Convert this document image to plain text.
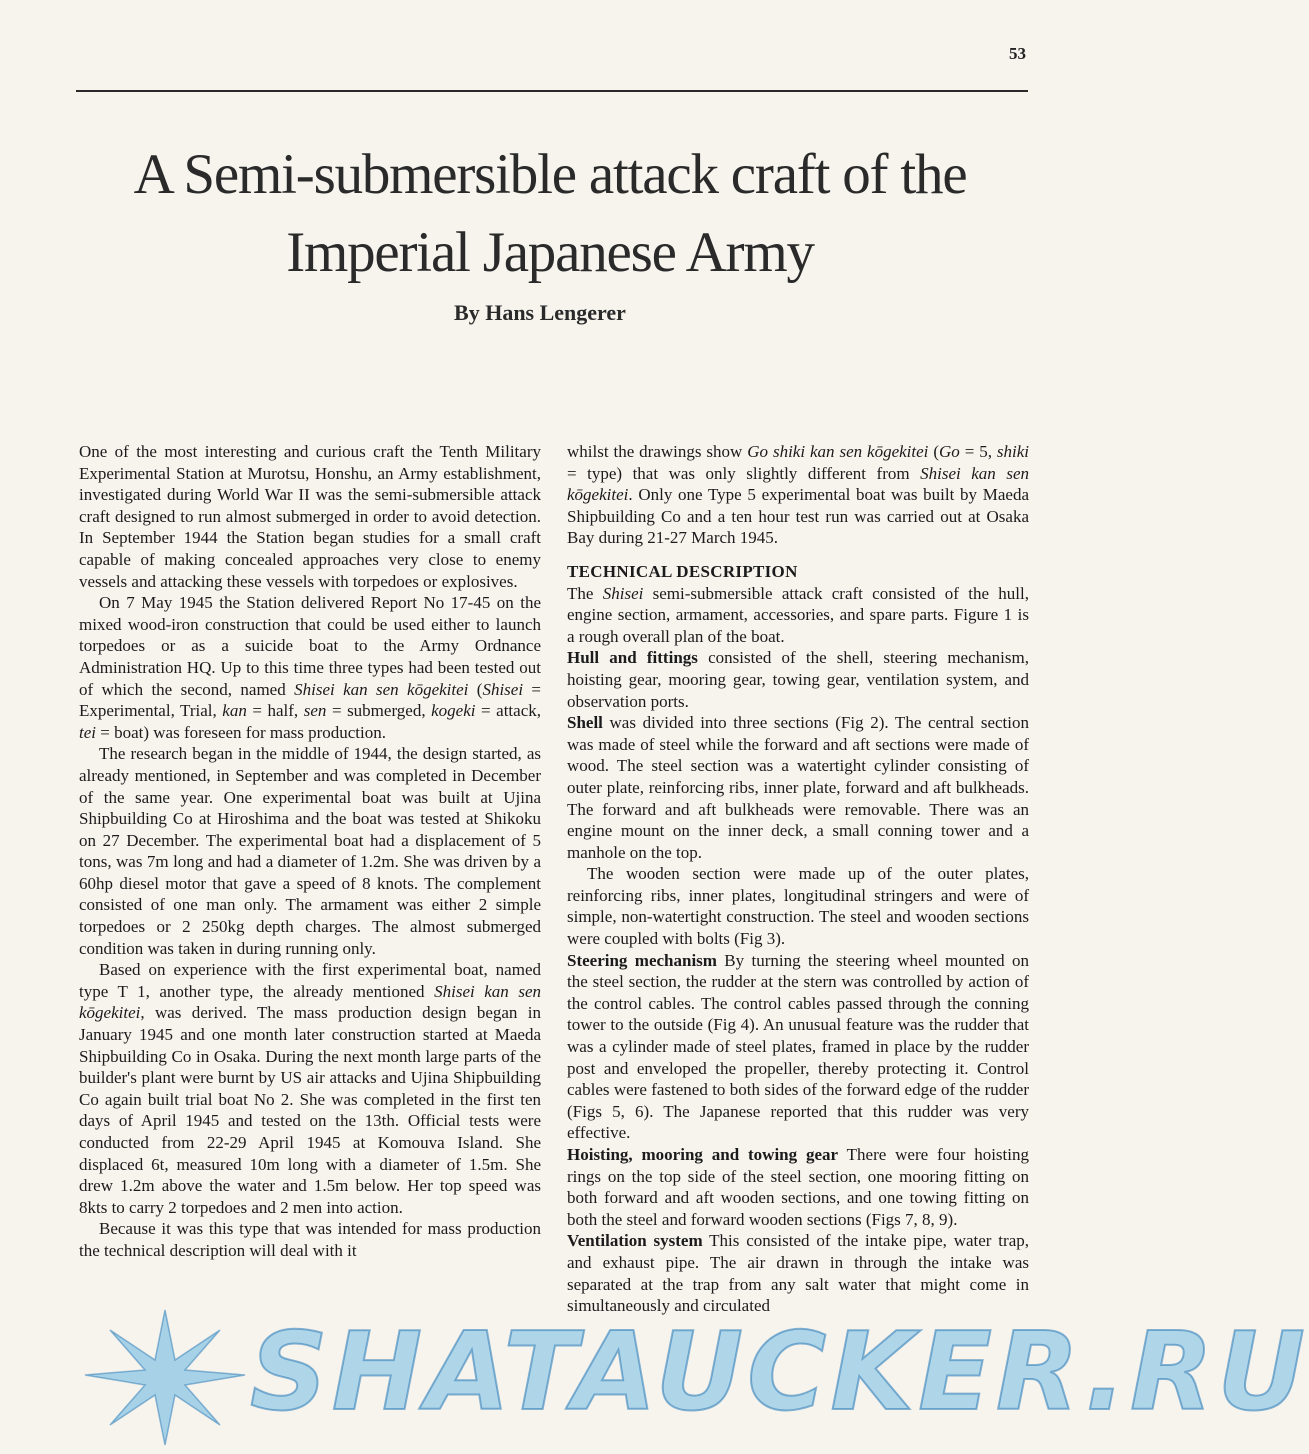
53
A Semi-submersible attack craft of the Imperial Japanese Army
By Hans Lengerer

One of the most interesting and curious craft the Tenth Military Experimental Station at Murotsu, Honshu, an Army establishment, investigated during World War II was the semi-submersible attack craft designed to run almost submerged in order to avoid detection. In September 1944 the Station began studies for a small craft capable of making concealed approaches very close to enemy vessels and attacking these vessels with torpedoes or explosives.

On 7 May 1945 the Station delivered Report No 17-45 on the mixed wood-iron construction that could be used either to launch torpedoes or as a suicide boat to the Army Ordnance Administration HQ. Up to this time three types had been tested out of which the second, named Shisei kan sen kōgekitei (Shisei = Experimental, Trial, kan = half, sen = submerged, kogeki = attack, tei = boat) was foreseen for mass production.

The research began in the middle of 1944, the design started, as already mentioned, in September and was completed in December of the same year. One experimental boat was built at Ujina Shipbuilding Co at Hiroshima and the boat was tested at Shikoku on 27 December. The experimental boat had a displacement of 5 tons, was 7m long and had a diameter of 1.2m. She was driven by a 60hp diesel motor that gave a speed of 8 knots. The complement consisted of one man only. The armament was either 2 simple torpedoes or 2 250kg depth charges. The almost submerged condition was taken in during running only.

Based on experience with the first experimental boat, named type T 1, another type, the already mentioned Shisei kan sen kōgekitei, was derived. The mass production design began in January 1945 and one month later construction started at Maeda Shipbuilding Co in Osaka. During the next month large parts of the builder's plant were burnt by US air attacks and Ujina Shipbuilding Co again built trial boat No 2. She was completed in the first ten days of April 1945 and tested on the 13th. Official tests were conducted from 22-29 April 1945 at Komouva Island. She displaced 6t, measured 10m long with a diameter of 1.5m. She drew 1.2m above the water and 1.5m below. Her top speed was 8kts to carry 2 torpedoes and 2 men into action.

Because it was this type that was intended for mass production the technical description will deal with it

whilst the drawings show Go shiki kan sen kōgekitei (Go = 5, shiki = type) that was only slightly different from Shisei kan sen kōgekitei. Only one Type 5 experimental boat was built by Maeda Shipbuilding Co and a ten hour test run was carried out at Osaka Bay during 21-27 March 1945.

TECHNICAL DESCRIPTION

The Shisei semi-submersible attack craft consisted of the hull, engine section, armament, accessories, and spare parts. Figure 1 is a rough overall plan of the boat.

Hull and fittings consisted of the shell, steering mechanism, hoisting gear, mooring gear, towing gear, ventilation system, and observation ports.

Shell was divided into three sections (Fig 2). The central section was made of steel while the forward and aft sections were made of wood. The steel section was a watertight cylinder consisting of outer plate, reinforcing ribs, inner plate, forward and aft bulkheads. The forward and aft bulkheads were removable. There was an engine mount on the inner deck, a small conning tower and a manhole on the top.

The wooden section were made up of the outer plates, reinforcing ribs, inner plates, longitudinal stringers and were of simple, non-watertight construction. The steel and wooden sections were coupled with bolts (Fig 3).

Steering mechanism By turning the steering wheel mounted on the steel section, the rudder at the stern was controlled by action of the control cables. The control cables passed through the conning tower to the outside (Fig 4). An unusual feature was the rudder that was a cylinder made of steel plates, framed in place by the rudder post and enveloped the propeller, thereby protecting it. Control cables were fastened to both sides of the forward edge of the rudder (Figs 5, 6). The Japanese reported that this rudder was very effective.

Hoisting, mooring and towing gear There were four hoisting rings on the top side of the steel section, one mooring fitting on both forward and aft wooden sections, and one towing fitting on both the steel and forward wooden sections (Figs 7, 8, 9).

Ventilation system This consisted of the intake pipe, water trap, and exhaust pipe. The air drawn in through the intake was separated at the trap from any salt water that might come in simultaneously and circulated

SHATAUCKER.RU
